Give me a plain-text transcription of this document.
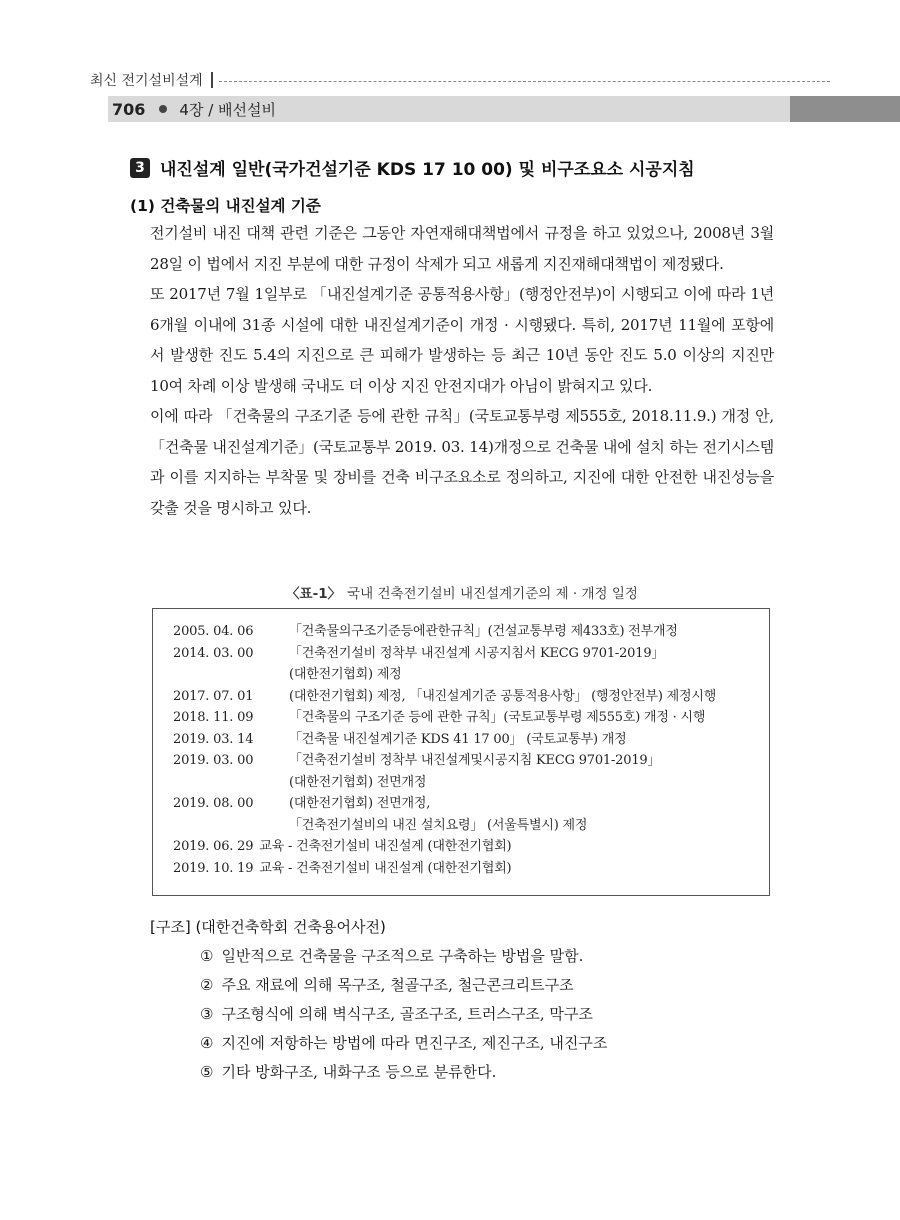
최신 전기설비설계
706 4장 / 배선설비
3 내진설계 일반(국가건설기준 KDS 17 10 00) 및 비구조요소 시공지침
(1) 건축물의 내진설계 기준

전기설비 내진 대책 관련 기준은 그동안 자연재해대책법에서 규정을 하고 있었으나, 2008년 3월 28일 이 법에서 지진 부분에 대한 규정이 삭제가 되고 새롭게 지진재해대책법이 제정됐다.

또 2017년 7월 1일부로 「내진설계기준 공통적용사항」(행정안전부)이 시행되고 이에 따라 1년 6개월 이내에 31종 시설에 대한 내진설계기준이 개정 · 시행됐다. 특히, 2017년 11월에 포항에서 발생한 진도 5.4의 지진으로 큰 피해가 발생하는 등 최근 10년 동안 진도 5.0 이상의 지진만 10여 차례 이상 발생해 국내도 더 이상 지진 안전지대가 아님이 밝혀지고 있다.

이에 따라 「건축물의 구조기준 등에 관한 규칙」(국토교통부령 제555호, 2018.11.9.) 개정 안, 「건축물 내진설계기준」(국토교통부 2019. 03. 14)개정으로 건축물 내에 설치 하는 전기시스템과 이를 지지하는 부착물 및 장비를 건축 비구조요소로 정의하고, 지진에 대한 안전한 내진성능을 갖출 것을 명시하고 있다.

〈표-1〉 국내 건축전기설비 내진설계기준의 제 · 개정 일정
2005. 04. 06	「건축물의구조기준등에관한규칙」(건설교통부령 제433호) 전부개정
2014. 03. 00	「건축전기설비 정착부 내진설계 시공지침서 KECG 9701-2019」
(대한전기협회) 제정
2017. 07. 01	(대한전기협회) 제정, 「내진설계기준 공통적용사항」 (행정안전부) 제정시행
2018. 11. 09	「건축물의 구조기준 등에 관한 규칙」(국토교통부령 제555호) 개정 · 시행
2019. 03. 14	「건축물 내진설계기준 KDS 41 17 00」 (국토교통부) 개정
2019. 03. 00	「건축전기설비 정착부 내진설계및시공지침 KECG 9701-2019」
(대한전기협회) 전면개정
2019. 08. 00	(대한전기협회) 전면개정,
「건축전기설비의 내진 설치요령」 (서울특별시) 제정
2019. 06. 29 교육 - 건축전기설비 내진설계 (대한전기협회)
2019. 10. 19 교육 - 건축전기설비 내진설계 (대한전기협회)
[구조] (대한건축학회 건축용어사전)
① 일반적으로 건축물을 구조적으로 구축하는 방법을 말함.
② 주요 재료에 의해 목구조, 철골구조, 철근콘크리트구조
③ 구조형식에 의해 벽식구조, 골조구조, 트러스구조, 막구조
④ 지진에 저항하는 방법에 따라 면진구조, 제진구조, 내진구조
⑤ 기타 방화구조, 내화구조 등으로 분류한다.
